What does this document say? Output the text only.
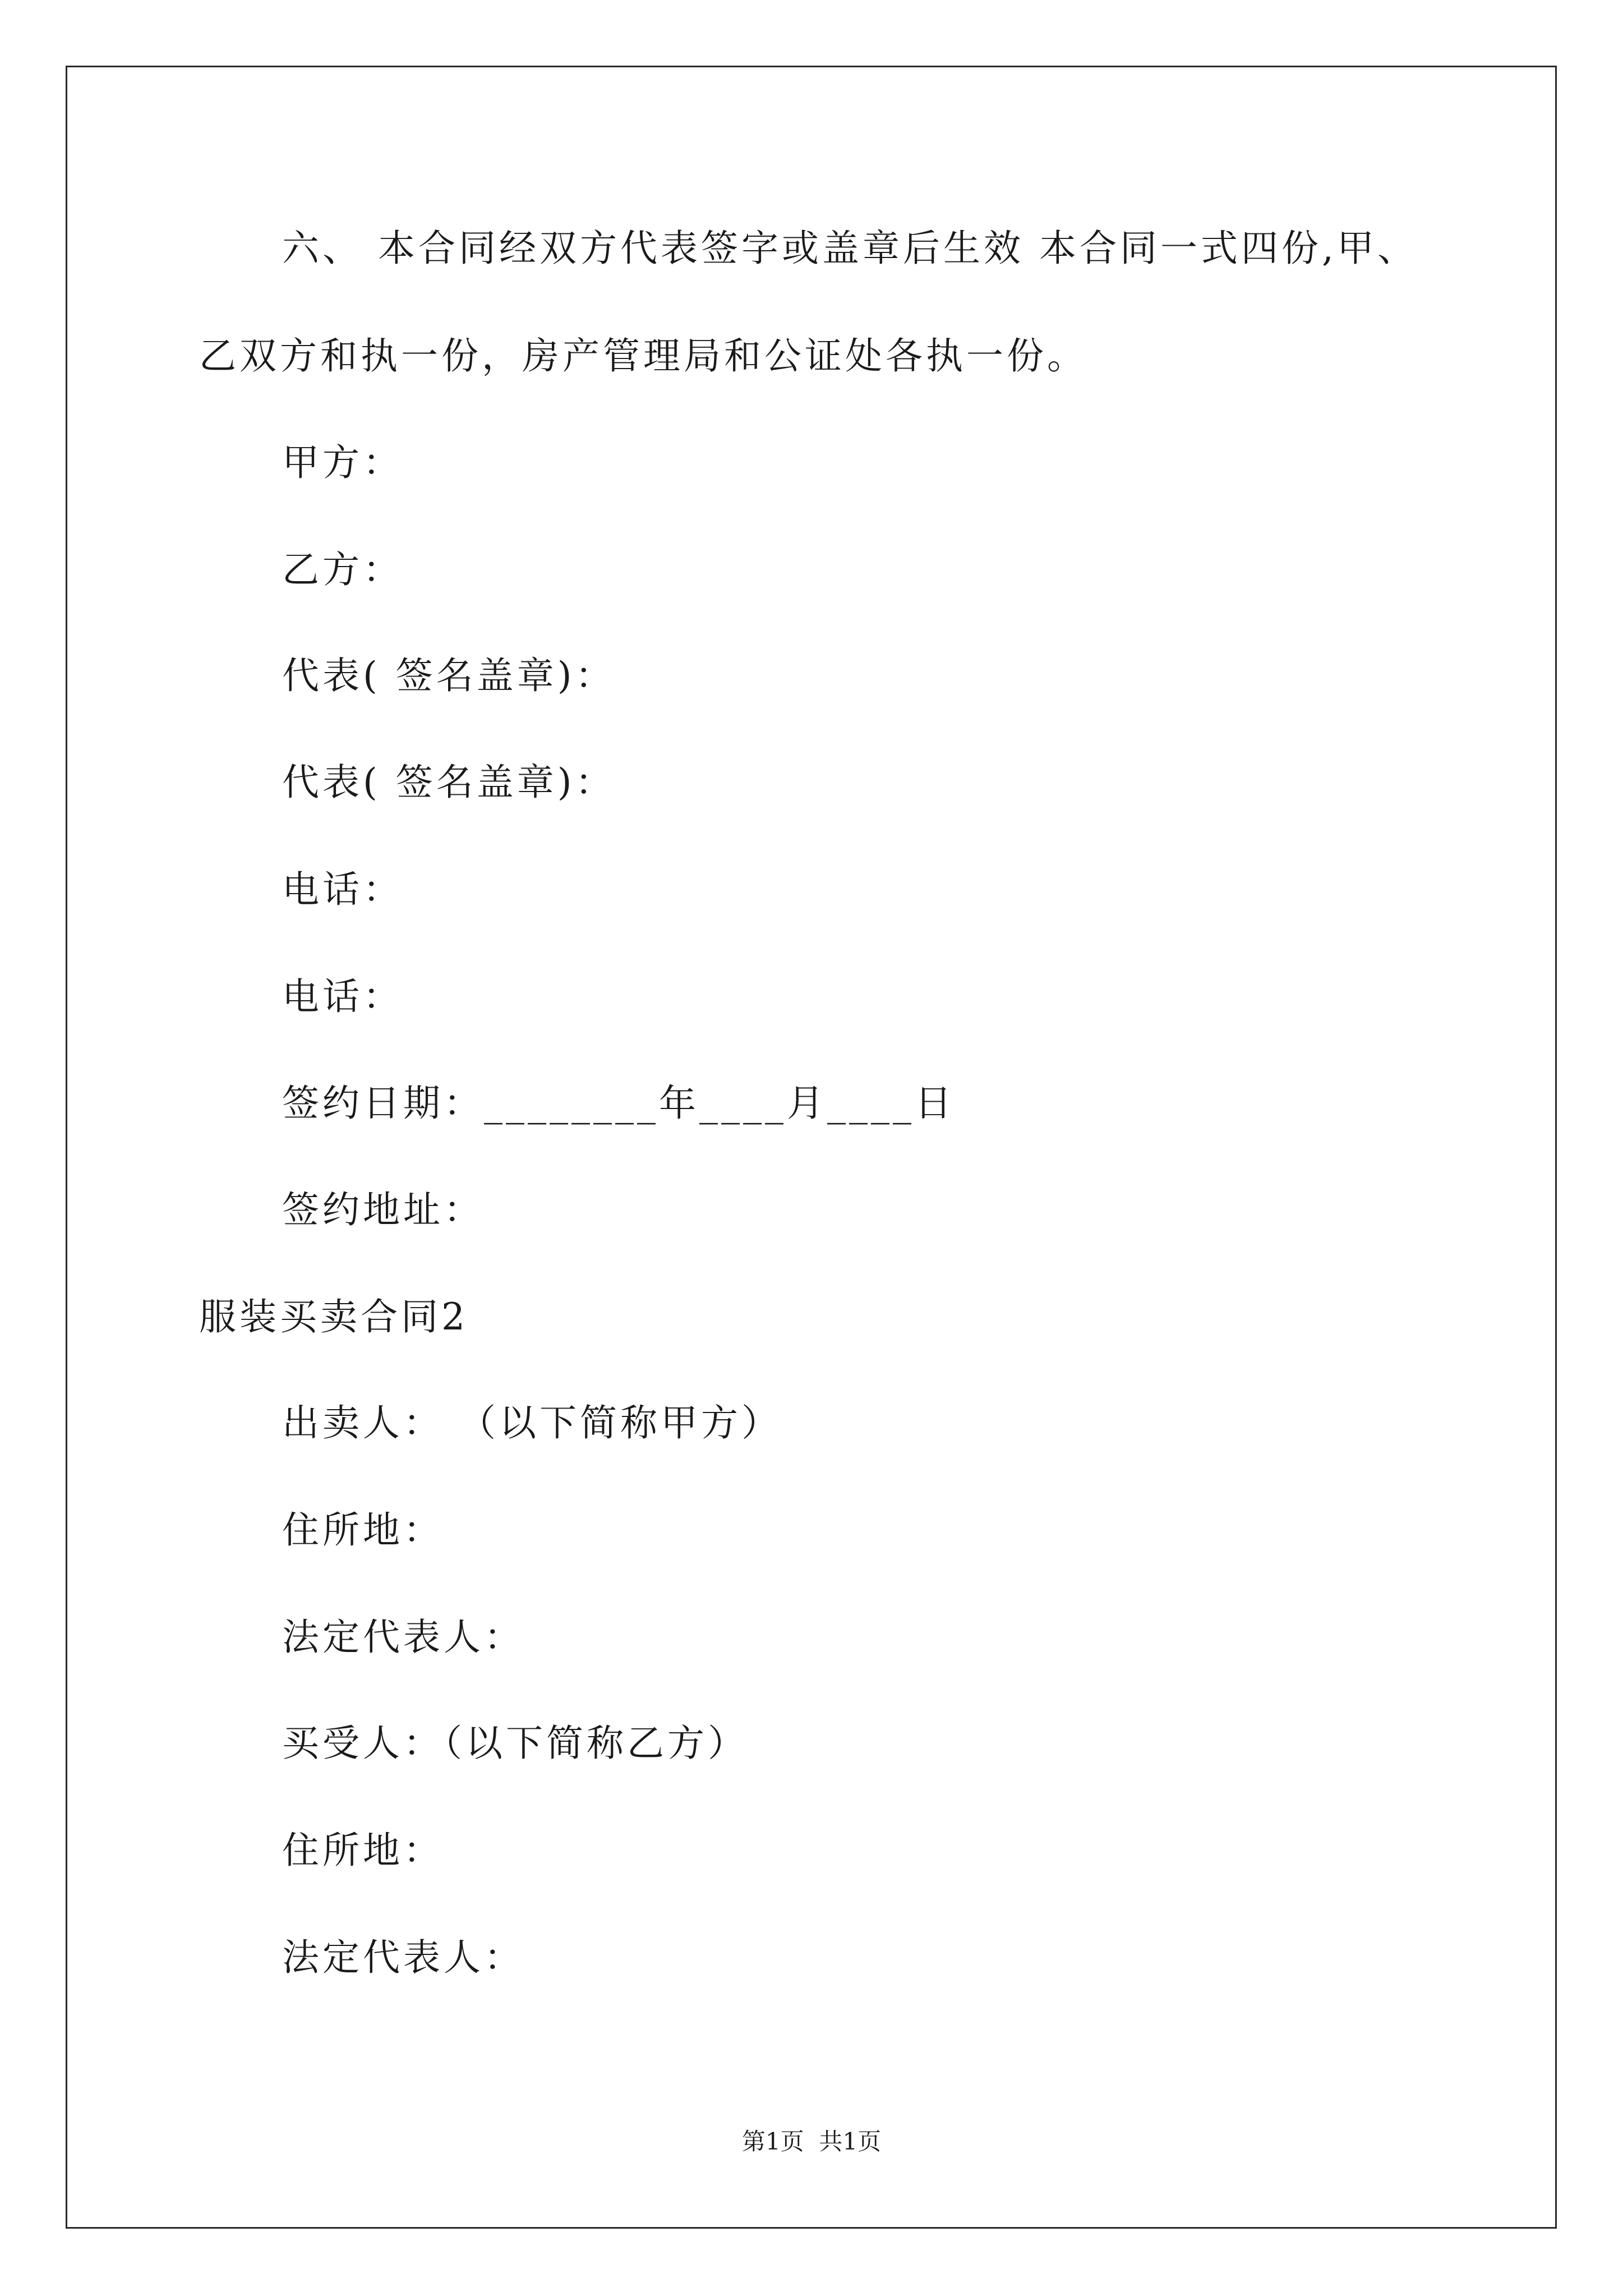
六、 本合同经双方代表签字或盖章后生效 本合同一式四份,甲、
乙双方和执一份，房产管理局和公证处各执一份。
甲方：
乙方：
代表( 签名盖章)：
代表( 签名盖章)：
电话：
电话：
签约日期：________年____月____日
签约地址：
服装买卖合同2
出卖人： （以下简称甲方）
住所地：
法定代表人：
买受人：（以下简称乙方）
住所地：
法定代表人：
第1页  共1页
